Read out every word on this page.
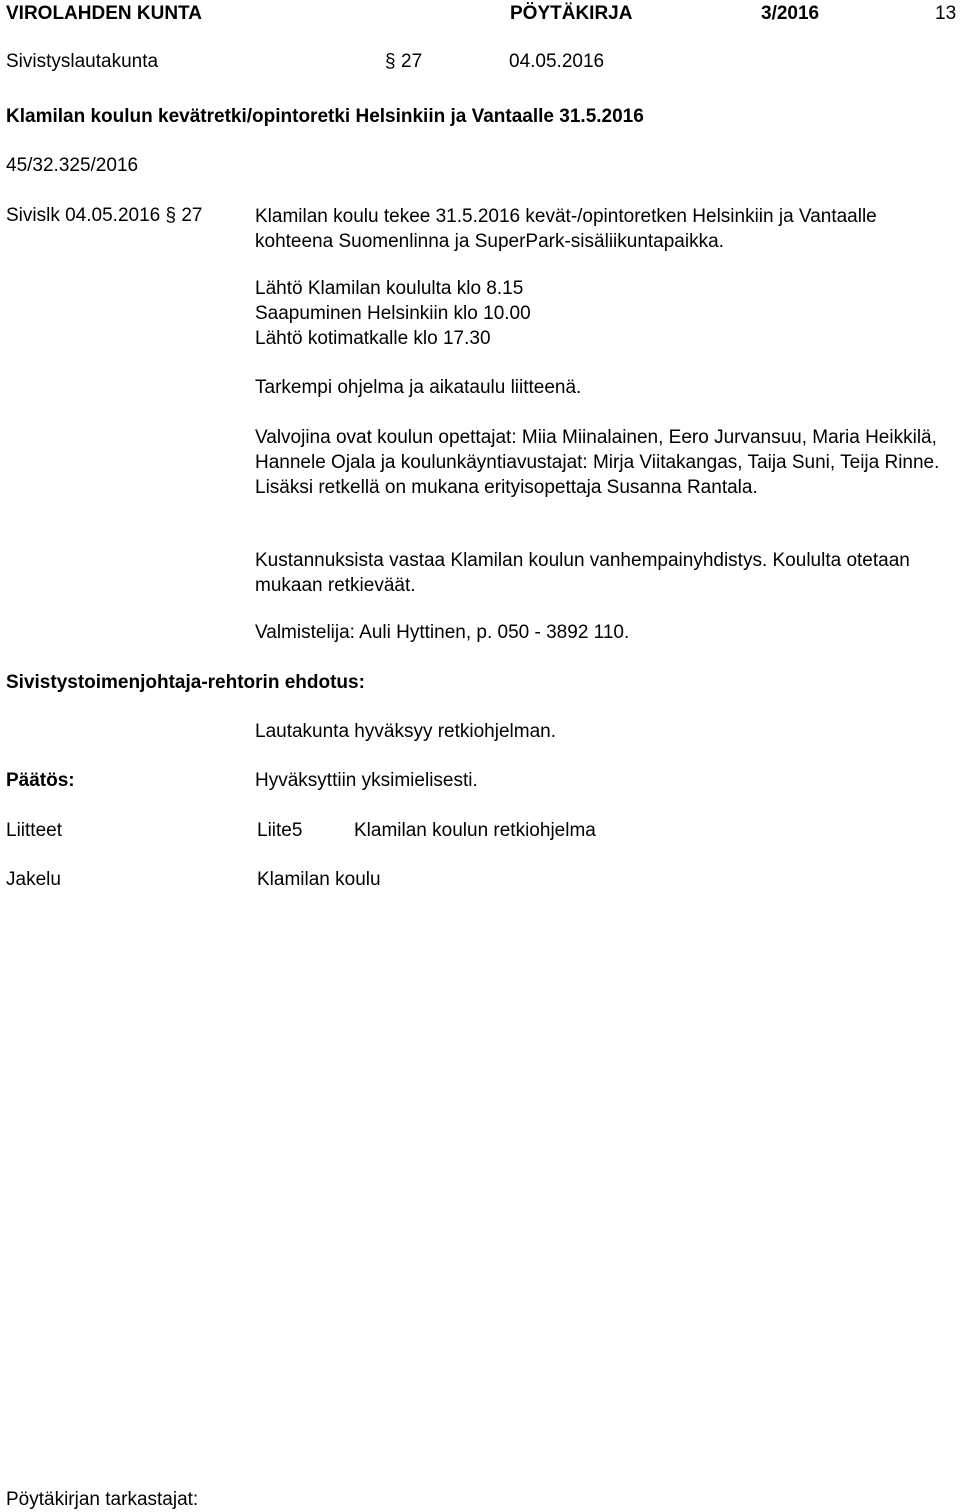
VIROLAHDEN KUNTA	PÖYTÄKIRJA	3/2016	13
Sivistyslautakunta	§ 27	04.05.2016
Klamilan koulun kevätretki/opintoretki Helsinkiin ja Vantaalle 31.5.2016
45/32.325/2016
Sivislk 04.05.2016 § 27	Klamilan koulu tekee 31.5.2016 kevät-/opintoretken Helsinkiin ja Vantaalle kohteena Suomenlinna ja SuperPark-sisäliikuntapaikka.

Lähtö Klamilan koululta klo 8.15
Saapuminen Helsinkiin klo 10.00
Lähtö kotimatkalle klo 17.30
Tarkempi ohjelma ja aikataulu liitteenä.

Valvojina ovat koulun opettajat: Miia Miinalainen, Eero Jurvansuu, Maria Heikkilä, Hannele Ojala ja koulunkäyntiavustajat: Mirja Viitakangas, Taija Suni, Teija Rinne. Lisäksi retkellä on mukana erityisopettaja Susanna Rantala.

Kustannuksista vastaa Klamilan koulun vanhempainyhdistys. Koululta otetaan mukaan retkieväät.

Valmistelija: Auli Hyttinen, p. 050 - 3892 110.
Sivistystoimenjohtaja-rehtorin ehdotus:
Lautakunta hyväksyy retkiohjelman.
Päätös:	Hyväksyttiin yksimielisesti.
Liitteet	Liite5	Klamilan koulun retkiohjelma
Jakelu	Klamilan koulu
Pöytäkirjan tarkastajat:
